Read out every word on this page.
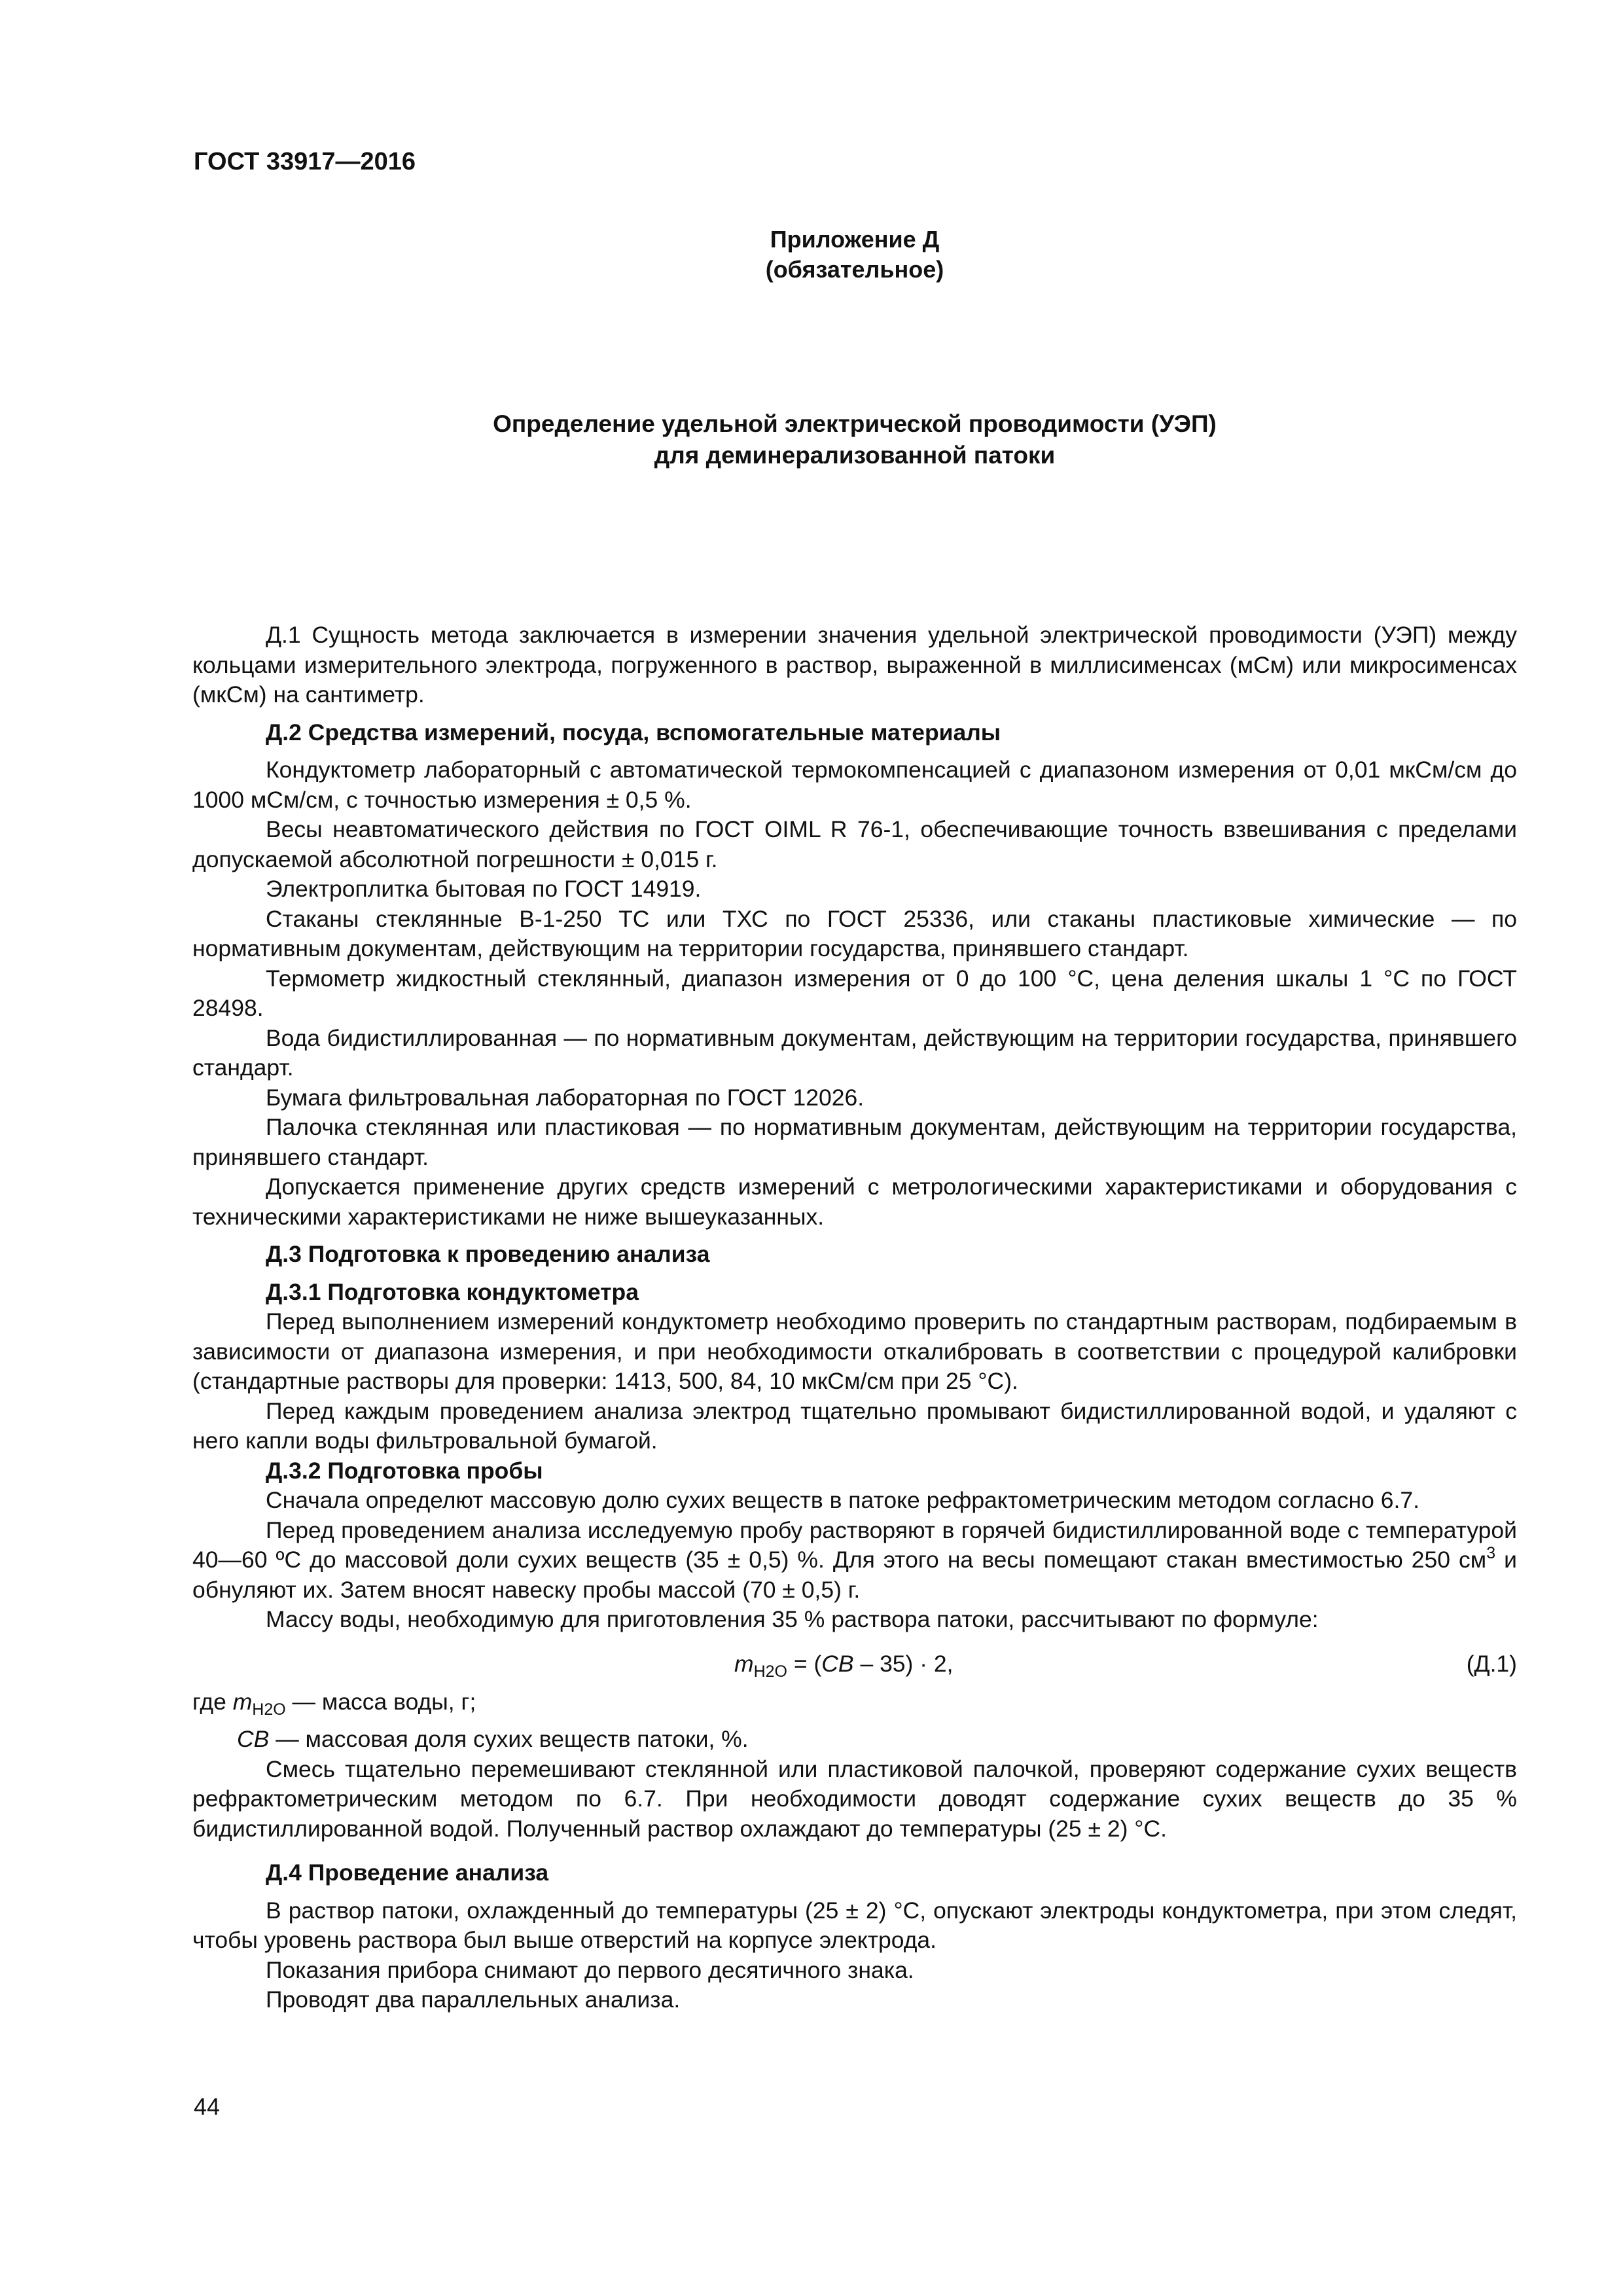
ГОСТ 33917—2016
Приложение Д
(обязательное)
Определение удельной электрической проводимости (УЭП)
для деминерализованной патоки

Д.1 Сущность метода заключается в измерении значения удельной электрической проводимости (УЭП) между кольцами измерительного электрода, погруженного в раствор, выраженной в миллисименсах (мСм) или микросименсах (мкСм) на сантиметр.

Д.2 Средства измерений, посуда, вспомогательные материалы

Кондуктометр лабораторный с автоматической термокомпенсацией с диапазоном измерения от 0,01 мкСм/см до 1000 мСм/см, с точностью измерения ± 0,5 %.

Весы неавтоматического действия по ГОСТ OIML R 76-1, обеспечивающие точность взвешивания с пределами допускаемой абсолютной погрешности ± 0,015 г.

Электроплитка бытовая по ГОСТ 14919.

Стаканы стеклянные В-1-250 ТС или ТХС по ГОСТ 25336, или стаканы пластиковые химические — по нормативным документам, действующим на территории государства, принявшего стандарт.

Термометр жидкостный стеклянный, диапазон измерения от 0 до 100 °С, цена деления шкалы 1 °С по ГОСТ 28498.

Вода бидистиллированная — по нормативным документам, действующим на территории государства, принявшего стандарт.

Бумага фильтровальная лабораторная по ГОСТ 12026.

Палочка стеклянная или пластиковая — по нормативным документам, действующим на территории государства, принявшего стандарт.

Допускается применение других средств измерений с метрологическими характеристиками и оборудования с техническими характеристиками не ниже вышеуказанных.

Д.3 Подготовка к проведению анализа
Д.3.1 Подготовка кондуктометра

Перед выполнением измерений кондуктометр необходимо проверить по стандартным растворам, подбираемым в зависимости от диапазона измерения, и при необходимости откалибровать в соответствии с процедурой калибровки (стандартные растворы для проверки: 1413, 500, 84, 10 мкСм/см при 25 °С).

Перед каждым проведением анализа электрод тщательно промывают бидистиллированной водой, и удаляют с него капли воды фильтровальной бумагой.

Д.3.2 Подготовка пробы

Сначала определют массовую долю сухих веществ в патоке рефрактометрическим методом согласно 6.7.

Перед проведением анализа исследуемую пробу растворяют в горячей бидистиллированной воде с температурой 40—60 ºС до массовой доли сухих веществ (35 ± 0,5) %. Для этого на весы помещают стакан вместимостью 250 $см^3$ и обнуляют их. Затем вносят навеску пробы массой (70 ± 0,5) г.

Массу воды, необходимую для приготовления 35 % раствора патоки, рассчитывают по формуле:

$m_{H2O} = (СВ - 35) \cdot 2$,	(Д.1)
где $m_{H2O}$ — масса воды, г;
СВ — массовая доля сухих веществ патоки, %.

Смесь тщательно перемешивают стеклянной или пластиковой палочкой, проверяют содержание сухих веществ рефрактометрическим методом по 6.7. При необходимости доводят содержание сухих веществ до 35 % бидистиллированной водой. Полученный раствор охлаждают до температуры (25 ± 2) °С.

Д.4 Проведение анализа

В раствор патоки, охлажденный до температуры (25 ± 2) °С, опускают электроды кондуктометра, при этом следят, чтобы уровень раствора был выше отверстий на корпусе электрода.

Показания прибора снимают до первого десятичного знака.

Проводят два параллельных анализа.

44
